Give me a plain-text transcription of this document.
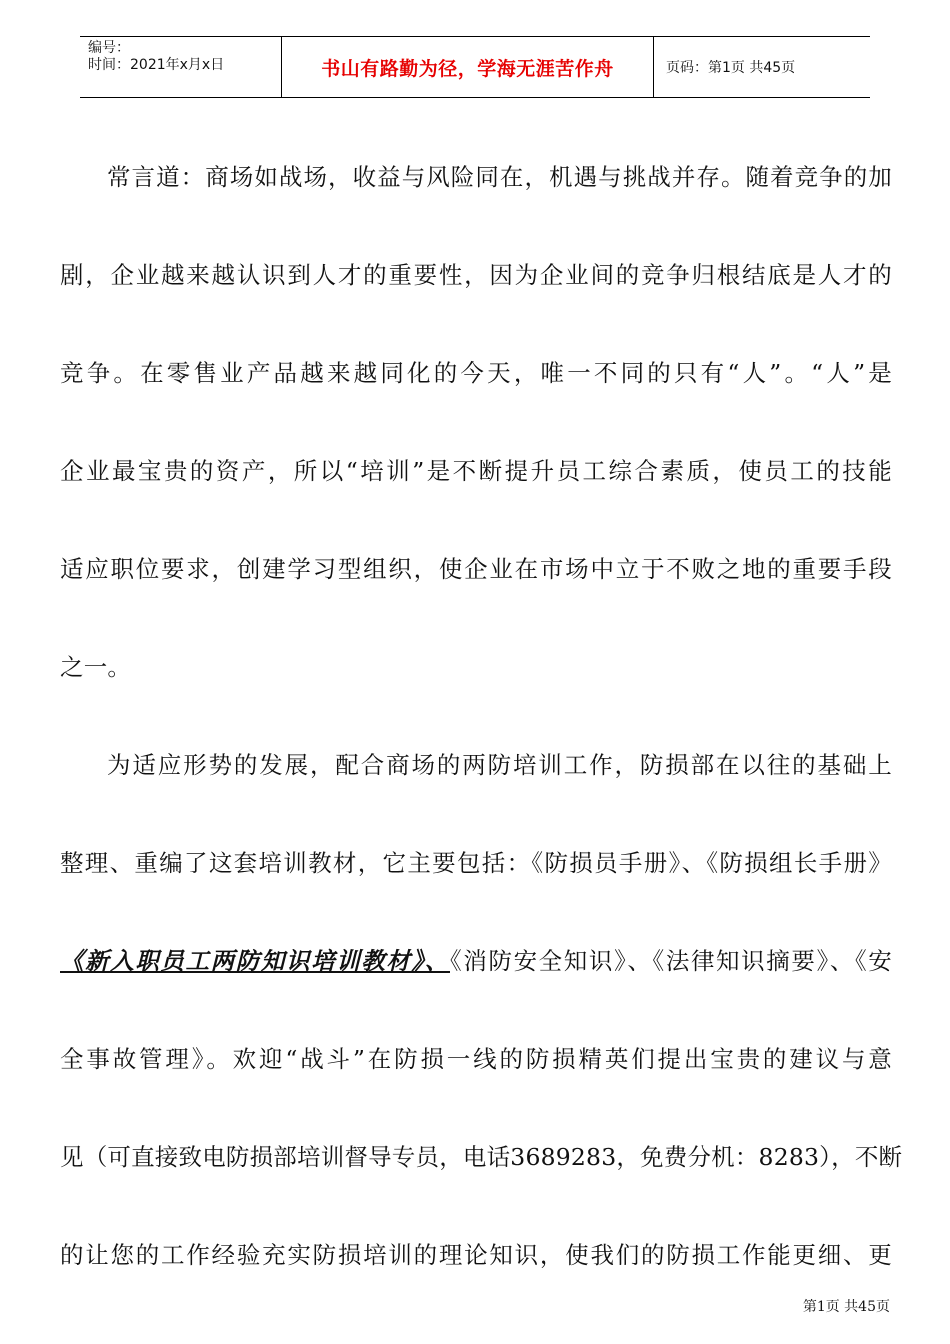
编号：
时间：2021年x月x日	书山有路勤为径，学海无涯苦作舟	页码：第1页 共45页
常言道：商场如战场，收益与风险同在，机遇与挑战并存。随着竞争的加
剧，企业越来越认识到人才的重要性，因为企业间的竞争归根结底是人才的
竞争。在零售业产品越来越同化的今天，唯一不同的只有“人”。“人”是
企业最宝贵的资产，所以“培训”是不断提升员工综合素质，使员工的技能
适应职位要求，创建学习型组织，使企业在市场中立于不败之地的重要手段
之一。
为适应形势的发展，配合商场的两防培训工作，防损部在以往的基础上
整理、重编了这套培训教材，它主要包括：《防损员手册》、《防损组长手册》
《新入职员工两防知识培训教材》、《消防安全知识》、《法律知识摘要》、《安
全事故管理》。欢迎“战斗”在防损一线的防损精英们提出宝贵的建议与意
见（可直接致电防损部培训督导专员，电话3689283，免费分机：8283），不断
的让您的工作经验充实防损培训的理论知识，使我们的防损工作能更细、更
第1页 共45页
